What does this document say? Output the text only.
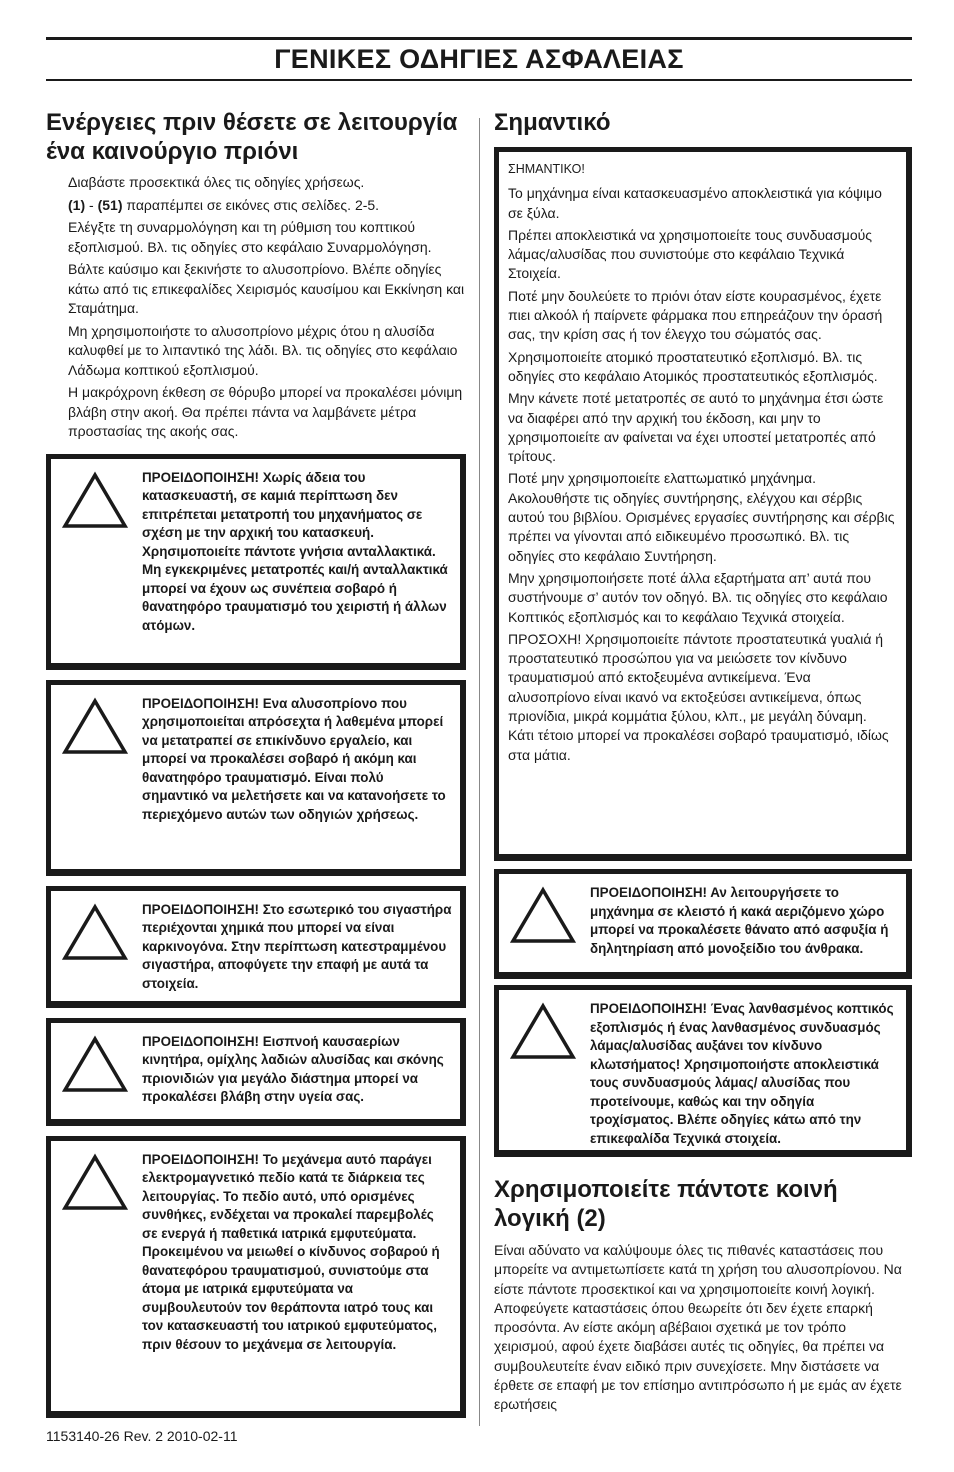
ΓΕΝΙΚΕΣ ΟΔΗΓΙΕΣ ΑΣΦΑΛΕΙΑΣ
Ενέργειες πριν θέσετε σε λειτουργία ένα καινούργιο πριόνι

Διαβάστε προσεκτικά όλες τις οδηγίες χρήσεως.

(1) - (51) παραπέμπει σε εικόνες στις σελίδες. 2-5.

Ελέγξτε τη συναρμολόγηση και τη ρύθμιση του κοπτικού εξοπλισμού. Βλ. τις οδηγίες στο κεφάλαιο Συναρμολόγηση.

Βάλτε καύσιμο και ξεκινήστε το αλυσοπρίονο. Βλέπε οδηγίες κάτω από τις επικεφαλίδες Χειρισμός καυσίμου και Εκκίνηση και Σταμάτημα.

Μη χρησιμοποιήστε το αλυσοπρίονο μέχρις ότου η αλυσίδα καλυφθεί με το λιπαντικό της λάδι. Βλ. τις οδηγίες στο κεφάλαιο Λάδωμα κοπτικού εξοπλισμού.

Η μακρόχρονη έκθεση σε θόρυβο μπορεί να προκαλέσει μόνιμη βλάβη στην ακοή. Θα πρέπει πάντα να λαμβάνετε μέτρα προστασίας της ακοής σας.

ΠΡΟΕΙΔΟΠΟΙΗΣΗ! Χωρίς άδεια του κατασκευαστή, σε καμιά περίπτωση δεν επιτρέπεται μετατροπή του μηχανήματος σε σχέση με την αρχική του κατασκευή. Χρησιμοποιείτε πάντοτε γνήσια ανταλλακτικά. Μη εγκεκριμένες μετατροπές και/ή ανταλλακτικά μπορεί να έχουν ως συνέπεια σοβαρό ή θανατηφόρο τραυματισμό του χειριστή ή άλλων ατόμων.
ΠΡΟΕΙΔΟΠΟΙΗΣΗ! Ενα αλυσοπρίονο που χρησιμοποιείται απρόσεχτα ή λαθεμένα μπορεί να μετατραπεί σε επικίνδυνο εργαλείο, και μπορεί να προκαλέσει σοβαρό ή ακόμη και θανατηφόρο τραυματισμό. Είναι πολύ σημαντικό να μελετήσετε και να κατανοήσετε το περιεχόμενο αυτών των οδηγιών χρήσεως.
ΠΡΟΕΙΔΟΠΟΙΗΣΗ! Στο εσωτερικό του σιγαστήρα περιέχονται χημικά που μπορεί να είναι καρκινογόνα. Στην περίπτωση κατεστραμμένου σιγαστήρα, αποφύγετε την επαφή με αυτά τα στοιχεία.
ΠΡΟΕΙΔΟΠΟΙΗΣΗ! Εισπνοή καυσαερίων κινητήρα, ομίχλης λαδιών αλυσίδας και σκόνης πριονιδιών για μεγάλο διάστημα μπορεί να προκαλέσει βλάβη στην υγεία σας.
ΠΡΟΕΙΔΟΠΟΙΗΣΗ! Το μεχάνεμα αυτό παράγει ελεκτρομαγνετικό πεδίο κατά τε διάρκεια τες λειτουργίας. Το πεδίο αυτό, υπό ορισμένες συνθήκες, ενδέχεται να προκαλεί παρεμβολές σε ενεργά ή παθετικά ιατρικά εμφυτεύματα. Προκειμένου να μειωθεί ο κίνδυνος σοβαρού ή θανατεφόρου τραυματισμού, συνιστούμε στα άτομα με ιατρικά εμφυτεύματα να συμβουλευτούν τον θεράποντα ιατρό τους και τον κατασκευαστή του ιατρικού εμφυτεύματος, πριν θέσουν το μεχάνεμα σε λειτουργία.
Σημαντικό

ΣΗΜΑΝΤΙΚΟ!

Το μηχάνημα είναι κατασκευασμένο αποκλειστικά για κόψιμο σε ξύλα.

Πρέπει αποκλειστικά να χρησιμοποιείτε τους συνδυασμούς λάμας/αλυσίδας που συνιστούμε στο κεφάλαιο Τεχνικά Στοιχεία.

Ποτέ μην δουλεύετε το πριόνι όταν είστε κουρασμένος, έχετε πιει αλκοόλ ή παίρνετε φάρμακα που επηρεάζουν την όρασή σας, την κρίση σας ή τον έλεγχο του σώματός σας.

Χρησιμοποιείτε ατομικό προστατευτικό εξοπλισμό. Βλ. τις οδηγίες στο κεφάλαιο Ατομικός προστατευτικός εξοπλισμός.

Μην κάνετε ποτέ μετατροπές σε αυτό το μηχάνημα έτσι ώστε να διαφέρει από την αρχική του έκδοση, και μην το χρησιμοποιείτε αν φαίνεται να έχει υποστεί μετατροπές από τρίτους.

Ποτέ μην χρησιμοποιείτε ελαττωματικό μηχάνημα. Ακολουθήστε τις οδηγίες συντήρησης, ελέγχου και σέρβις αυτού του βιβλίου. Ορισμένες εργασίες συντήρησης και σέρβις πρέπει να γίνονται από ειδικευμένο προσωπικό. Βλ. τις οδηγίες στο κεφάλαιο Συντήρηση.

Μην χρησιμοποιήσετε ποτέ άλλα εξαρτήματα απ’ αυτά που συστήνουμε σ’ αυτόν τον οδηγό. Βλ. τις οδηγίες στο κεφάλαιο Κοπτικός εξοπλισμός και το κεφάλαιο Τεχνικά στοιχεία.

ΠΡΟΣΟΧΗ! Χρησιμοποιείτε πάντοτε προστατευτικά γυαλιά ή προστατευτικό προσώπου για να μειώσετε τον κίνδυνο τραυματισμού από εκτοξευμένα αντικείμενα. Ένα αλυσοπρίονο είναι ικανό να εκτοξεύσει αντικείμενα, όπως πριονίδια, μικρά κομμάτια ξύλου, κλπ., με μεγάλη δύναμη. Κάτι τέτοιο μπορεί να προκαλέσει σοβαρό τραυματισμό, ιδίως στα μάτια.

ΠΡΟΕΙΔΟΠΟΙΗΣΗ! Αν λειτουργήσετε το μηχάνημα σε κλειστό ή κακά αεριζόμενο χώρο μπορεί να προκαλέσετε θάνατο από ασφυξία ή δηλητηρίαση από μονοξείδιο του άνθρακα.
ΠΡΟΕΙΔΟΠΟΙΗΣΗ! Ένας λανθασμένος κοπτικός εξοπλισμός ή ένας λανθασμένος συνδυασμός λάμας/αλυσίδας αυξάνει τον κίνδυνο κλωτσήματος! Χρησιμοποιήστε αποκλειστικά τους συνδυασμούς λάμας/ αλυσίδας που προτείνουμε, καθώς και την οδηγία τροχίσματος. Βλέπε οδηγίες κάτω από την επικεφαλίδα Τεχνικά στοιχεία.
Χρησιμοποιείτε πάντοτε κοινή λογική (2)

Είναι αδύνατο να καλύψουμε όλες τις πιθανές καταστάσεις που μπορείτε να αντιμετωπίσετε κατά τη χρήση του αλυσοπρίονου. Να είστε πάντοτε προσεκτικοί και να χρησιμοποιείτε κοινή λογική. Αποφεύγετε καταστάσεις όπου θεωρείτε ότι δεν έχετε επαρκή προσόντα. Αν είστε ακόμη αβέβαιοι σχετικά με τον τρόπο χειρισμού, αφού έχετε διαβάσει αυτές τις οδηγίες, θα πρέπει να συμβουλευτείτε έναν ειδικό πριν συνεχίσετε. Μην διστάσετε να έρθετε σε επαφή με τον επίσημο αντιπρόσωπο ή με εμάς αν έχετε ερωτήσεις

1153140-26 Rev. 2 2010-02-11
